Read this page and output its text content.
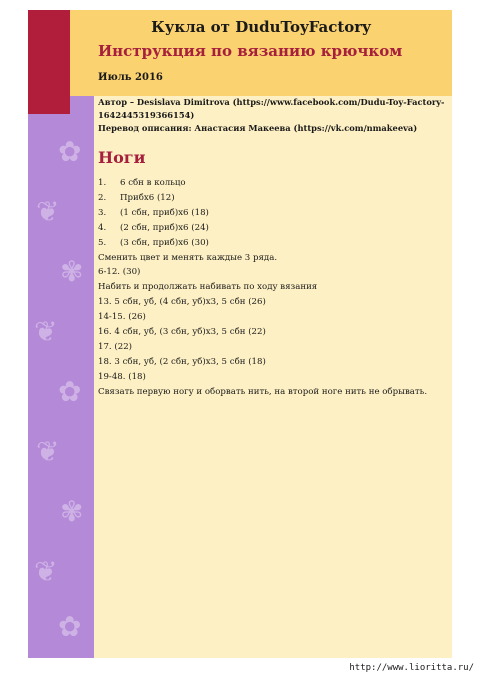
✿
❦
✾
❦
✿
❦
✾
❦
✿
Кукла от DuduToyFactory
Инструкция по вязанию крючком
Июль 2016
Автор – Desislava Dimitrova (https://www.facebook.com/Dudu-Toy-Factory-
1642445319366154)
Перевод описания: Анастасия Макеева (https://vk.com/nmakeeva)
Ноги
1. 6 сбн в кольцо
2. Прибх6 (12)
3. (1 сбн, приб)х6 (18)
4. (2 сбн, приб)х6 (24)
5. (3 сбн, приб)х6 (30)
Сменить цвет и менять каждые 3 ряда.
6-12. (30)
Набить и продолжать набивать по ходу вязания
13. 5 сбн, уб, (4 сбн, уб)х3, 5 сбн (26)
14-15. (26)
16. 4 сбн, уб, (3 сбн, уб)х3, 5 сбн (22)
17. (22)
18. 3 сбн, уб, (2 сбн, уб)х3, 5 сбн (18)
19-48. (18)
Связать первую ногу и оборвать нить, на второй ноге нить не обрывать.
http://www.lioritta.ru/
